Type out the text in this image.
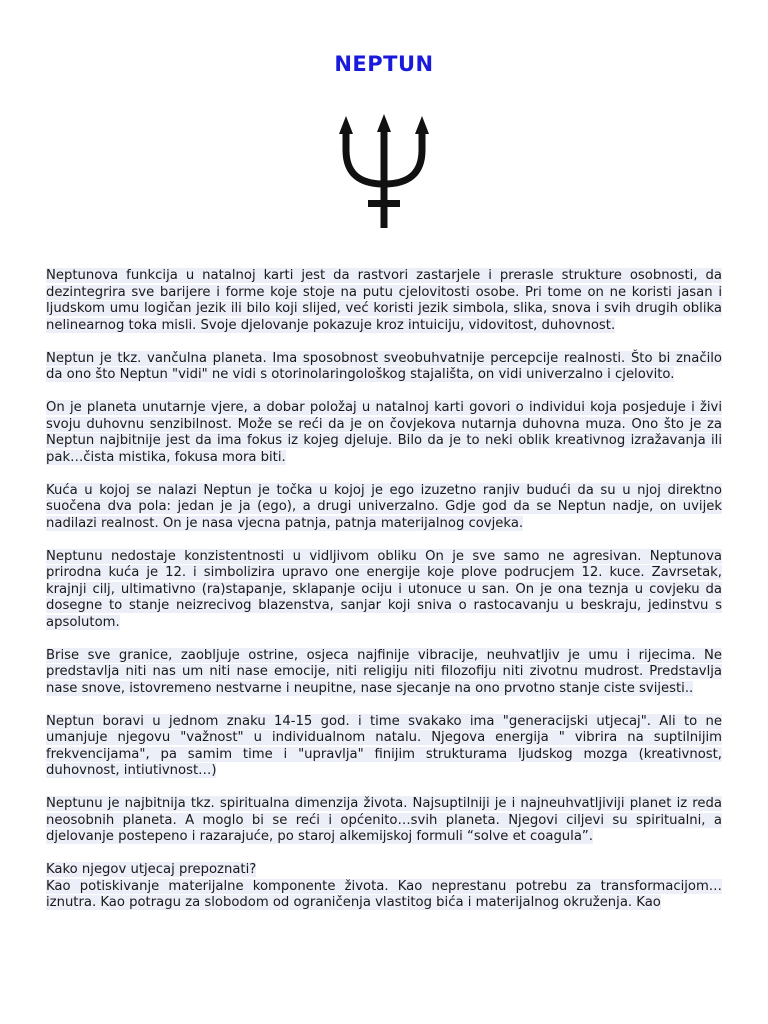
NEPTUN

Neptunova funkcija u natalnoj karti jest da rastvori zastarjele i prerasle strukture osobnosti, da dezintegrira sve barijere i forme koje stoje na putu cjelovitosti osobe. Pri tome on ne koristi jasan i ljudskom umu logičan jezik ili bilo koji slijed, već koristi jezik simbola, slika, snova i svih drugih oblika nelinearnog toka misli. Svoje djelovanje pokazuje kroz intuiciju, vidovitost, duhovnost.

Neptun je tkz. vančulna planeta. Ima sposobnost sveobuhvatnije percepcije realnosti. Što bi značilo da ono što Neptun "vidi" ne vidi s otorinolaringološkog stajališta, on vidi univerzalno i cjelovito.

On je planeta unutarnje vjere, a dobar položaj u natalnoj karti govori o individui koja posjeduje i živi svoju duhovnu senzibilnost. Može se reći da je on čovjekova nutarnja duhovna muza. Ono što je za Neptun najbitnije jest da ima fokus iz kojeg djeluje. Bilo da je to neki oblik kreativnog izražavanja ili pak…čista mistika, fokusa mora biti.

Kuća u kojoj se nalazi Neptun je točka u kojoj je ego izuzetno ranjiv budući da su u njoj direktno suočena dva pola: jedan je ja (ego), a drugi univerzalno. Gdje god da se Neptun nadje, on uvijek nadilazi realnost. On je nasa vjecna patnja, patnja materijalnog covjeka.

Neptunu nedostaje konzistentnosti u vidljivom obliku On je sve samo ne agresivan. Neptunova prirodna kuća je 12. i simbolizira upravo one energije koje plove podrucjem 12. kuce. Zavrsetak, krajnji cilj, ultimativno (ra)stapanje, sklapanje ociju i utonuce u san. On je ona teznja u covjeku da dosegne to stanje neizrecivog blazenstva, sanjar koji sniva o rastocavanju u beskraju, jedinstvu s apsolutom.

Brise sve granice, zaobljuje ostrine, osjeca najfinije vibracije, neuhvatljiv je umu i rijecima. Ne predstavlja niti nas um niti nase emocije, niti religiju niti filozofiju niti zivotnu mudrost. Predstavlja nase snove, istovremeno nestvarne i neupitne, nase sjecanje na ono prvotno stanje ciste svijesti..

Neptun boravi u jednom znaku 14-15 god. i time svakako ima "generacijski utjecaj". Ali to ne umanjuje njegovu "važnost" u individualnom natalu. Njegova energija " vibrira na suptilnijim frekvencijama", pa samim time i "upravlja" finijim strukturama ljudskog mozga (kreativnost, duhovnost, intiutivnost…)

Neptunu je najbitnija tkz. spiritualna dimenzija života. Najsuptilniji je i najneuhvatljiviji planet iz reda neosobnih planeta. A moglo bi se reći i općenito…svih planeta. Njegovi ciljevi su spiritualni, a djelovanje postepeno i razarajuće, po staroj alkemijskoj formuli “solve et coagula”.

Kako njegov utjecaj prepoznati?

Kao potiskivanje materijalne komponente života. Kao neprestanu potrebu za transformacijom… iznutra. Kao potragu za slobodom od ograničenja vlastitog bića i materijalnog okruženja. Kao
